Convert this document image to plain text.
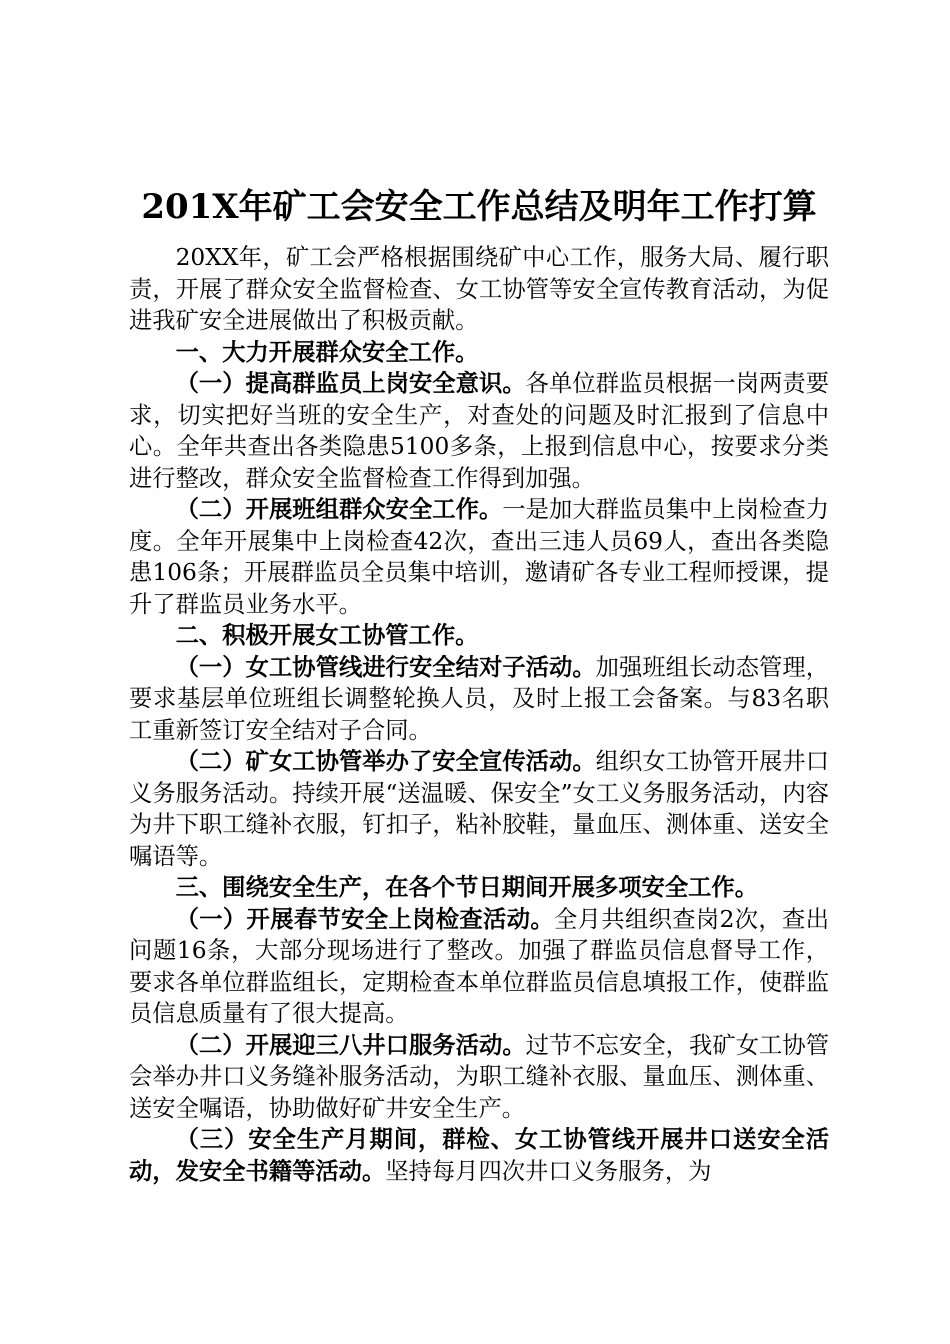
201X年矿工会安全工作总结及明年工作打算

20XX年，矿工会严格根据围绕矿中心工作，服务大局、履行职责，开展了群众安全监督检查、女工协管等安全宣传教育活动，为促进我矿安全进展做出了积极贡献。

一、大力开展群众安全工作。

（一）提高群监员上岗安全意识。各单位群监员根据一岗两责要求，切实把好当班的安全生产，对查处的问题及时汇报到了信息中心。全年共查出各类隐患5100多条，上报到信息中心，按要求分类进行整改，群众安全监督检查工作得到加强。

（二）开展班组群众安全工作。一是加大群监员集中上岗检查力度。全年开展集中上岗检查42次，查出三违人员69人，查出各类隐患106条；开展群监员全员集中培训，邀请矿各专业工程师授课，提升了群监员业务水平。

二、积极开展女工协管工作。

（一）女工协管线进行安全结对子活动。加强班组长动态管理，要求基层单位班组长调整轮换人员，及时上报工会备案。与83名职工重新签订安全结对子合同。

（二）矿女工协管举办了安全宣传活动。组织女工协管开展井口义务服务活动。持续开展“送温暖、保安全”女工义务服务活动，内容为井下职工缝补衣服，钉扣子，粘补胶鞋，量血压、测体重、送安全嘱语等。

三、围绕安全生产，在各个节日期间开展多项安全工作。

（一）开展春节安全上岗检查活动。全月共组织查岗2次，查出问题16条，大部分现场进行了整改。加强了群监员信息督导工作，要求各单位群监组长，定期检查本单位群监员信息填报工作，使群监员信息质量有了很大提高。

（二）开展迎三八井口服务活动。过节不忘安全，我矿女工协管会举办井口义务缝补服务活动，为职工缝补衣服、量血压、测体重、送安全嘱语，协助做好矿井安全生产。

（三）安全生产月期间，群检、女工协管线开展井口送安全活动，发安全书籍等活动。坚持每月四次井口义务服务，为
